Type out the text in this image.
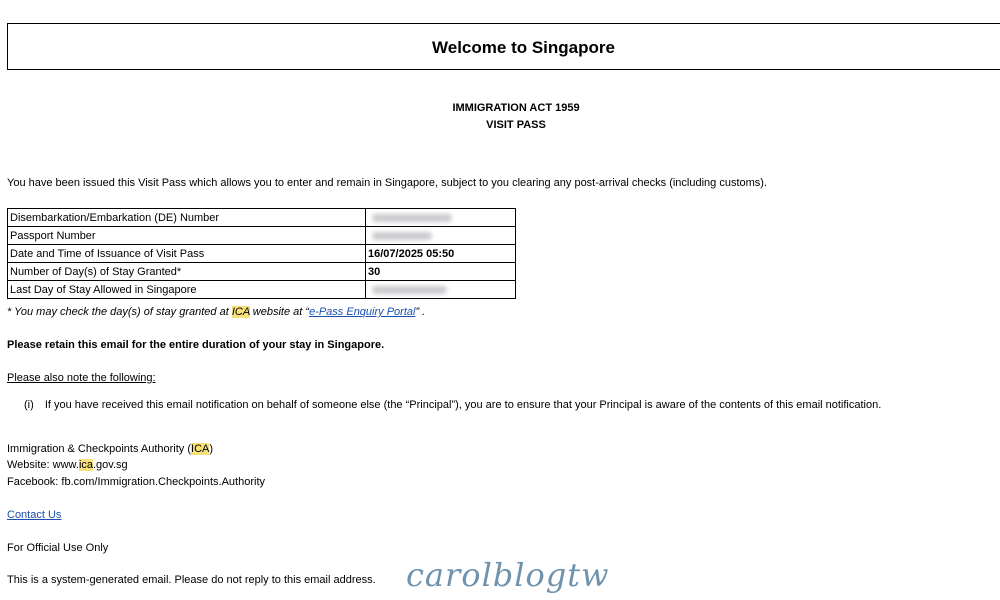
Welcome to Singapore
IMMIGRATION ACT 1959
VISIT PASS
You have been issued this Visit Pass which allows you to enter and remain in Singapore, subject to you clearing any post-arrival checks (including customs).
Disembarkation/Embarkation (DE) Number	
Passport Number	
Date and Time of Issuance of Visit Pass	16/07/2025 05:50
Number of Day(s) of Stay Granted*	30
Last Day of Stay Allowed in Singapore	
* You may check the day(s) of stay granted at ICA website at “e-Pass Enquiry Portal” .
Please retain this email for the entire duration of your stay in Singapore.
Please also note the following:
(i) If you have received this email notification on behalf of someone else (the “Principal”), you are to ensure that your Principal is aware of the contents of this email notification.
Immigration & Checkpoints Authority (ICA)
Website: www.ica.gov.sg
Facebook: fb.com/Immigration.Checkpoints.Authority
Contact Us
For Official Use Only
This is a system-generated email. Please do not reply to this email address. carolblogtw
